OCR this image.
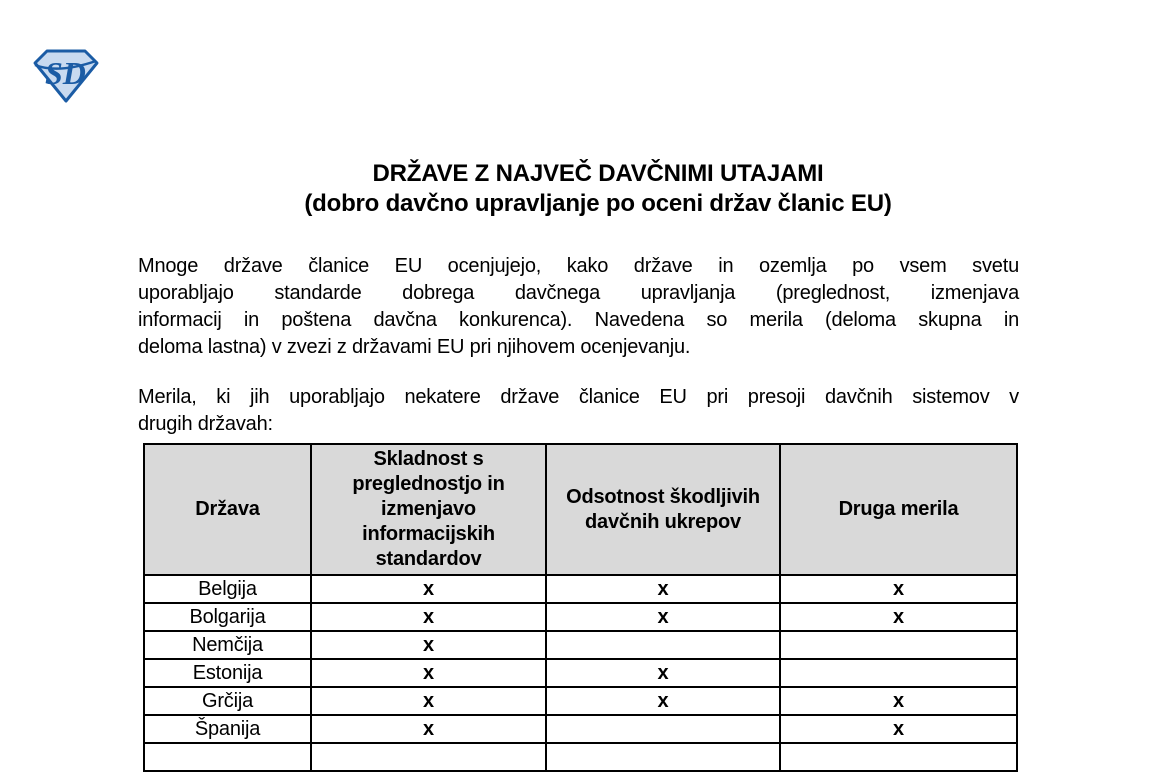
SD
DRŽAVE Z NAJVEČ DAVČNIMI UTAJAMI
(dobro davčno upravljanje po oceni držav članic EU)
Mnoge države članice EU ocenjujejo, kako države in ozemlja po vsem svetu
uporabljajo standarde dobrega davčnega upravljanja (preglednost, izmenjava
informacij in poštena davčna konkurenca). Navedena so merila (deloma skupna in
deloma lastna) v zvezi z državami EU pri njihovem ocenjevanju.
Merila, ki jih uporabljajo nekatere države članice EU pri presoji davčnih sistemov v
drugih državah:
Država	Skladnost s preglednostjo in izmenjavo informacijskih standardov	Odsotnost škodljivih davčnih ukrepov	Druga merila
Belgija	x	x	x
Bolgarija	x	x	x
Nemčija	x		
Estonija	x	x	
Grčija	x	x	x
Španija	x		x
